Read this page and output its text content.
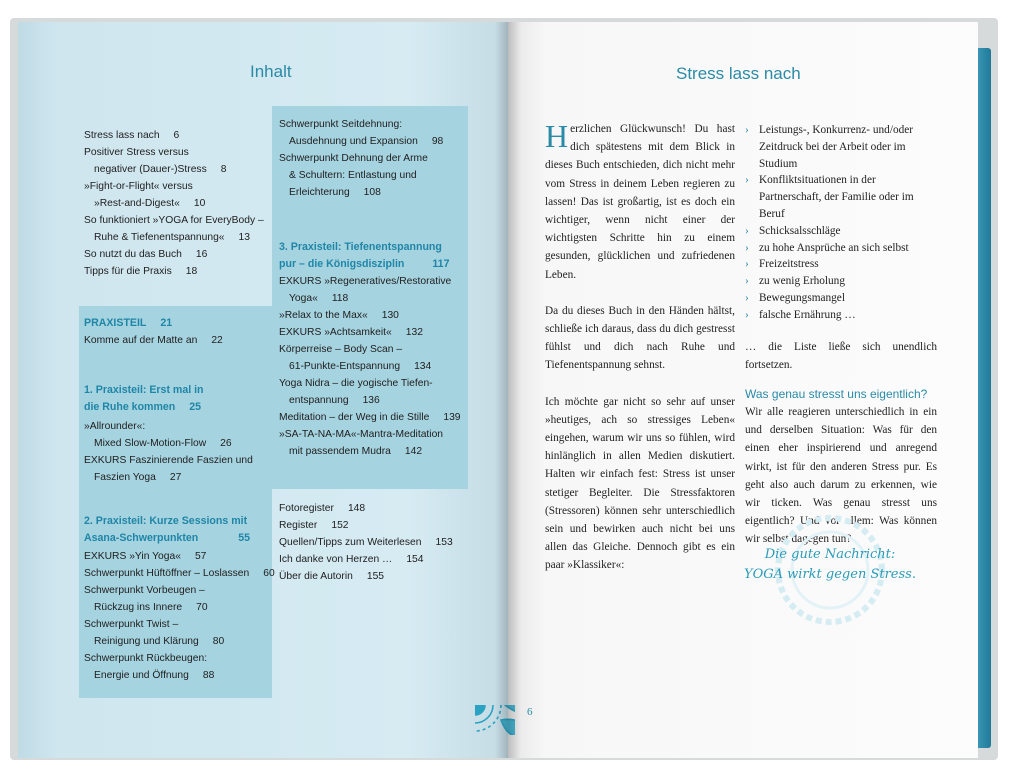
Inhalt
Stress lass nach 6
Positiver Stress versus
negativer (Dauer-)Stress 8
»Fight-or-Flight« versus
»Rest-and-Digest« 10
So funktioniert »YOGA for EveryBody –
Ruhe & Tiefenentspannung« 13
So nutzt du das Buch 16
Tipps für die Praxis 18
PRAXISTEIL 21
Komme auf der Matte an 22
1. Praxisteil: Erst mal in
die Ruhe kommen 25
»Allrounder«:
Mixed Slow-Motion-Flow 26
EXKURS Faszinierende Faszien und
Faszien Yoga 27
2. Praxisteil: Kurze Sessions mit
Asana-Schwerpunkten	55
EXKURS »Yin Yoga« 57
Schwerpunkt Hüftöffner – Loslassen 60
Schwerpunkt Vorbeugen –
Rückzug ins Innere 70
Schwerpunkt Twist –
Reinigung und Klärung 80
Schwerpunkt Rückbeugen:
Energie und Öffnung 88
Schwerpunkt Seitdehnung:
Ausdehnung und Expansion 98
Schwerpunkt Dehnung der Arme
& Schultern: Entlastung und
Erleichterung 108
3. Praxisteil: Tiefenentspannung
pur – die Königsdisziplin	117
EXKURS »Regeneratives/Restorative
Yoga« 118
»Relax to the Max« 130
EXKURS »Achtsamkeit« 132
Körperreise – Body Scan –
61-Punkte-Entspannung 134
Yoga Nidra – die yogische Tiefen-
entspannung 136
Meditation – der Weg in die Stille 139
»SA-TA-NA-MA«-Mantra-Meditation
mit passendem Mudra 142
Fotoregister 148
Register 152
Quellen/Tipps zum Weiterlesen 153
Ich danke von Herzen … 154
Über die Autorin 155
Stress lass nach

Herzlichen Glückwunsch! Du hast dich spätestens mit dem Blick in dieses Buch entschieden, dich nicht mehr vom Stress in deinem Leben regieren zu lassen! Das ist großartig, ist es doch ein wichtiger, wenn nicht einer der wichtigsten Schritte hin zu einem gesunden, glücklichen und zufriedenen Leben.

Da du dieses Buch in den Händen hältst, schließe ich daraus, dass du dich gestresst fühlst und dich nach Ruhe und Tiefenentspannung sehnst.

Ich möchte gar nicht so sehr auf unser »heutiges, ach so stressiges Leben« eingehen, warum wir uns so fühlen, wird hinlänglich in allen Medien diskutiert. Halten wir einfach fest: Stress ist unser stetiger Begleiter. Die Stressfaktoren (Stressoren) können sehr unterschiedlich sein und bewirken auch nicht bei uns allen das Gleiche. Dennoch gibt es ein paar »Klassiker«:

› Leistungs-, Konkurrenz- und/oder Zeitdruck bei der Arbeit oder im Studium
› Konfliktsituationen in der Partnerschaft, der Familie oder im Beruf
› Schicksalsschläge
› zu hohe Ansprüche an sich selbst
› Freizeitstress
› zu wenig Erholung
› Bewegungsmangel
› falsche Ernährung …
… die Liste ließe sich unendlich fortsetzen.
Was genau stresst uns eigentlich?
Wir alle reagieren unterschiedlich in ein und derselben Situation: Was für den einen eher inspirierend und anregend wirkt, ist für den anderen Stress pur. Es geht also auch darum zu erkennen, wie wir ticken. Was genau stresst uns eigentlich? Und vor allem: Was können wir selbst dagegen tun?
Die gute Nachricht:
YOGA wirkt gegen Stress.
6
